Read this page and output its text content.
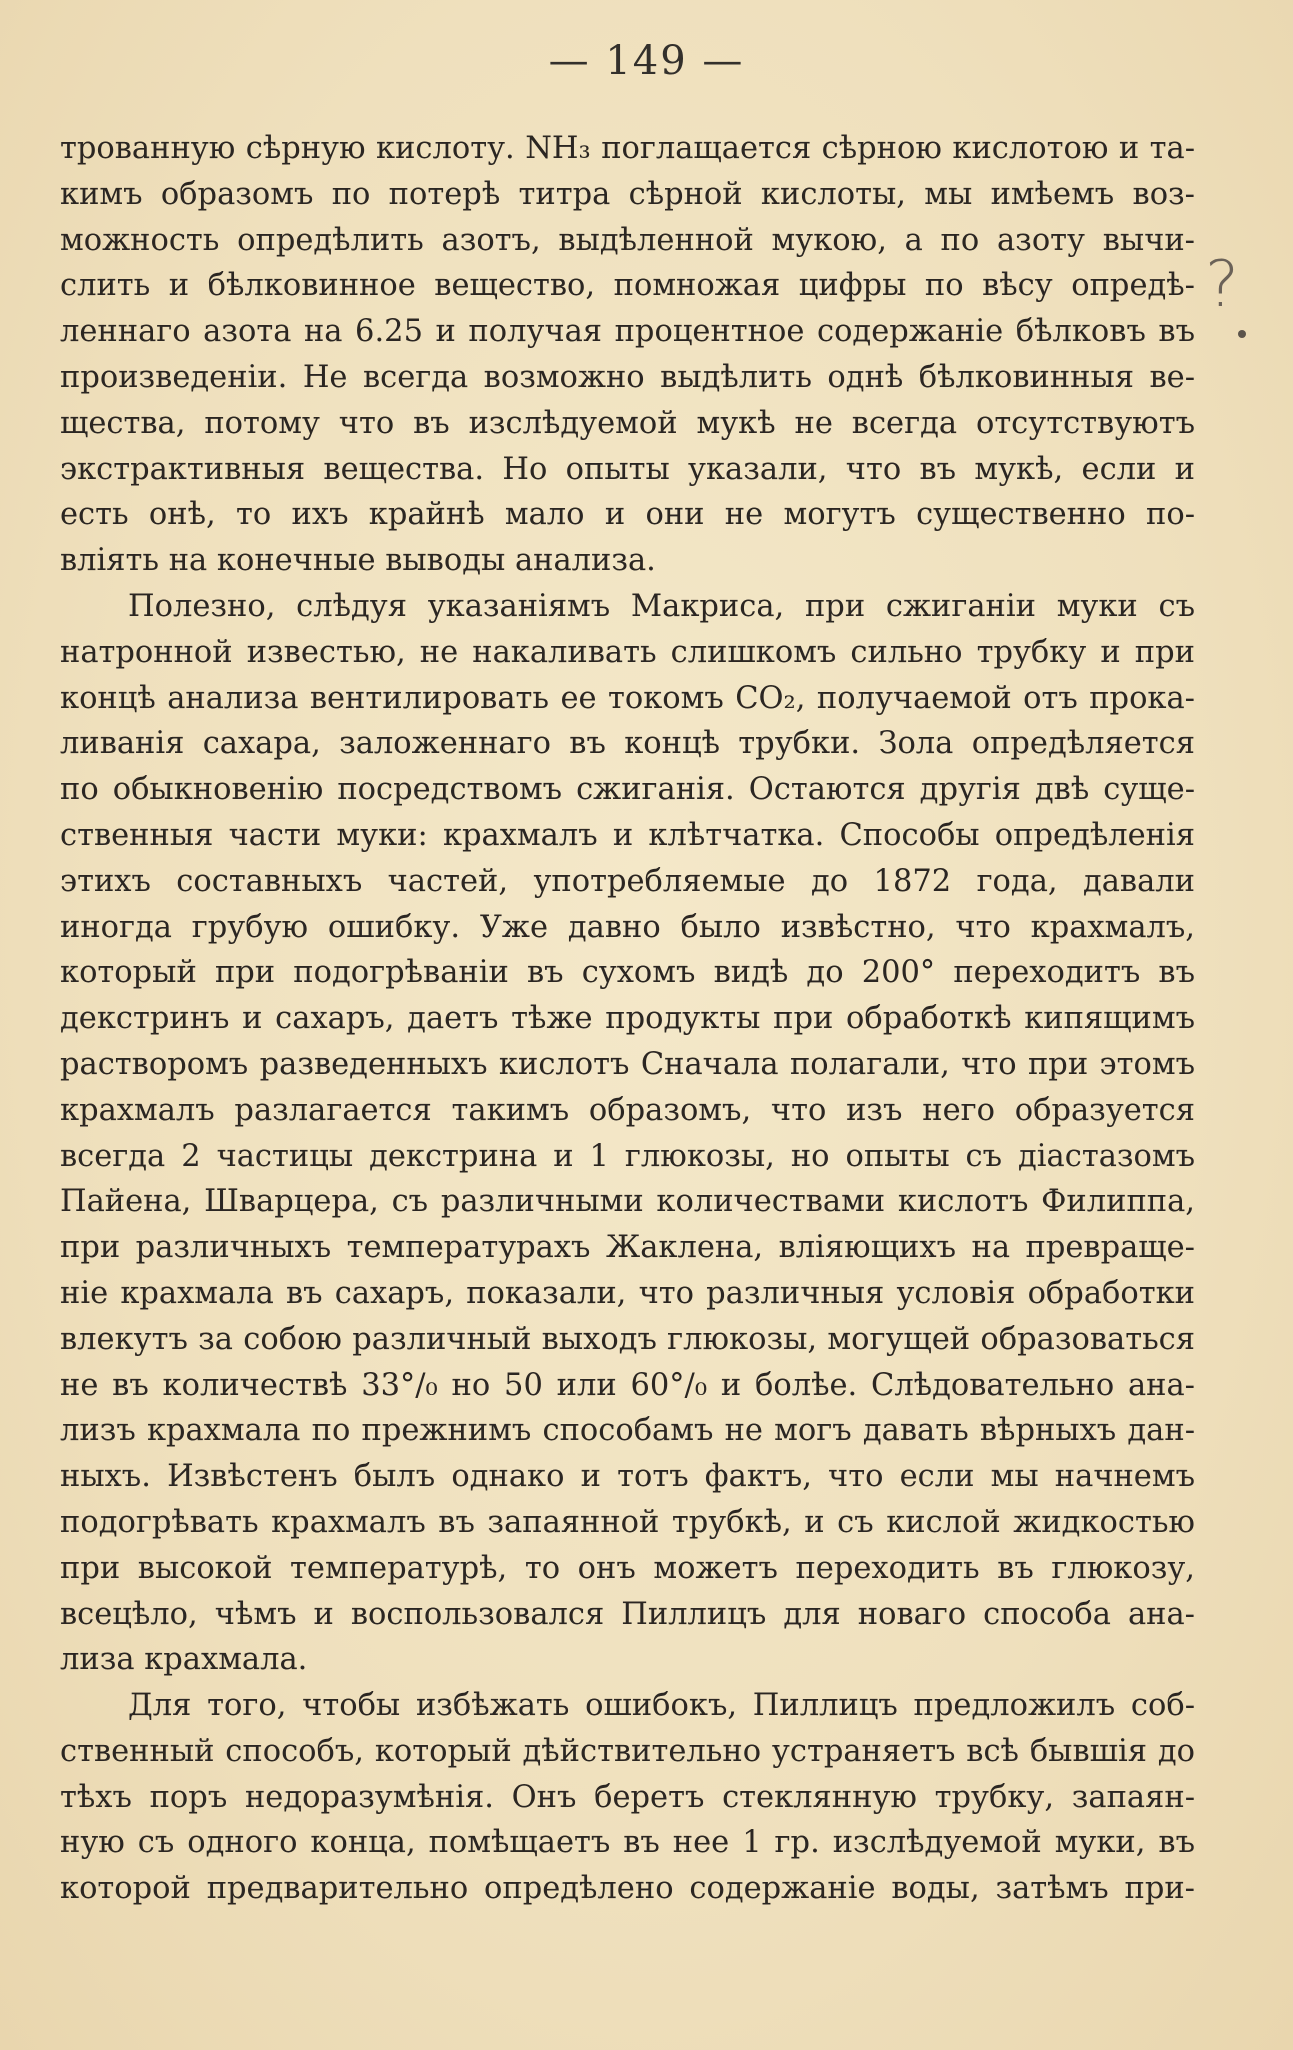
— 149 —
?
трованную сѣрную кислоту. NH₃ поглащается сѣрною кислотою и та-
кимъ образомъ по потерѣ титра сѣрной кислоты, мы имѣемъ воз-
можность опредѣлить азотъ, выдѣленной мукою, а по азоту вычи-
слить и бѣлковинное вещество, помножая цифры по вѣсу опредѣ-
леннаго азота на 6.25 и получая процентное содержанiе бѣлковъ въ
произведенiи. Не всегда возможно выдѣлить однѣ бѣлковинныя ве-
щества, потому что въ изслѣдуемой мукѣ не всегда отсутствуютъ
экстрактивныя вещества. Но опыты указали, что въ мукѣ, если и
есть онѣ, то ихъ крайнѣ мало и они не могутъ существенно по-
влiять на конечные выводы анализа.
Полезно, слѣдуя указанiямъ Макриса, при сжиганiи муки съ
натронной известью, не накаливать слишкомъ сильно трубку и при
концѣ анализа вентилировать ее токомъ CO₂, получаемой отъ прока-
ливанiя сахара, заложеннаго въ концѣ трубки. Зола опредѣляется
по обыкновенiю посредствомъ сжиганiя. Остаются другiя двѣ суще-
ственныя части муки: крахмалъ и клѣтчатка. Способы опредѣленiя
этихъ составныхъ частей, употребляемые до 1872 года, давали
иногда грубую ошибку. Уже давно было извѣстно, что крахмалъ,
который при подогрѣванiи въ сухомъ видѣ до 200° переходитъ въ
декстринъ и сахаръ, даетъ тѣже продукты при обработкѣ кипящимъ
растворомъ разведенныхъ кислотъ Сначала полагали, что при этомъ
крахмалъ разлагается такимъ образомъ, что изъ него образуется
всегда 2 частицы декстрина и 1 глюкозы, но опыты съ дiастазомъ
Пайена, Шварцера, съ различными количествами кислотъ Филиппа,
при различныхъ температурахъ Жаклена, влiяющихъ на превраще-
нiе крахмала въ сахаръ, показали, что различныя условiя обработки
влекутъ за собою различный выходъ глюкозы, могущей образоваться
не въ количествѣ 33°/₀ но 50 или 60°/₀ и болѣе. Слѣдовательно ана-
лизъ крахмала по прежнимъ способамъ не могъ давать вѣрныхъ дан-
ныхъ. Извѣстенъ былъ однако и тотъ фактъ, что если мы начнемъ
подогрѣвать крахмалъ въ запаянной трубкѣ, и съ кислой жидкостью
при высокой температурѣ, то онъ можетъ переходить въ глюкозу,
всецѣло, чѣмъ и воспользовался Пиллицъ для новаго способа ана-
лиза крахмала.
Для того, чтобы избѣжать ошибокъ, Пиллицъ предложилъ соб-
ственный способъ, который дѣйствительно устраняетъ всѣ бывшiя до
тѣхъ поръ недоразумѣнiя. Онъ беретъ стеклянную трубку, запаян-
ную съ одного конца, помѣщаетъ въ нее 1 гр. изслѣдуемой муки, въ
которой предварительно опредѣлено содержанiе воды, затѣмъ при-
